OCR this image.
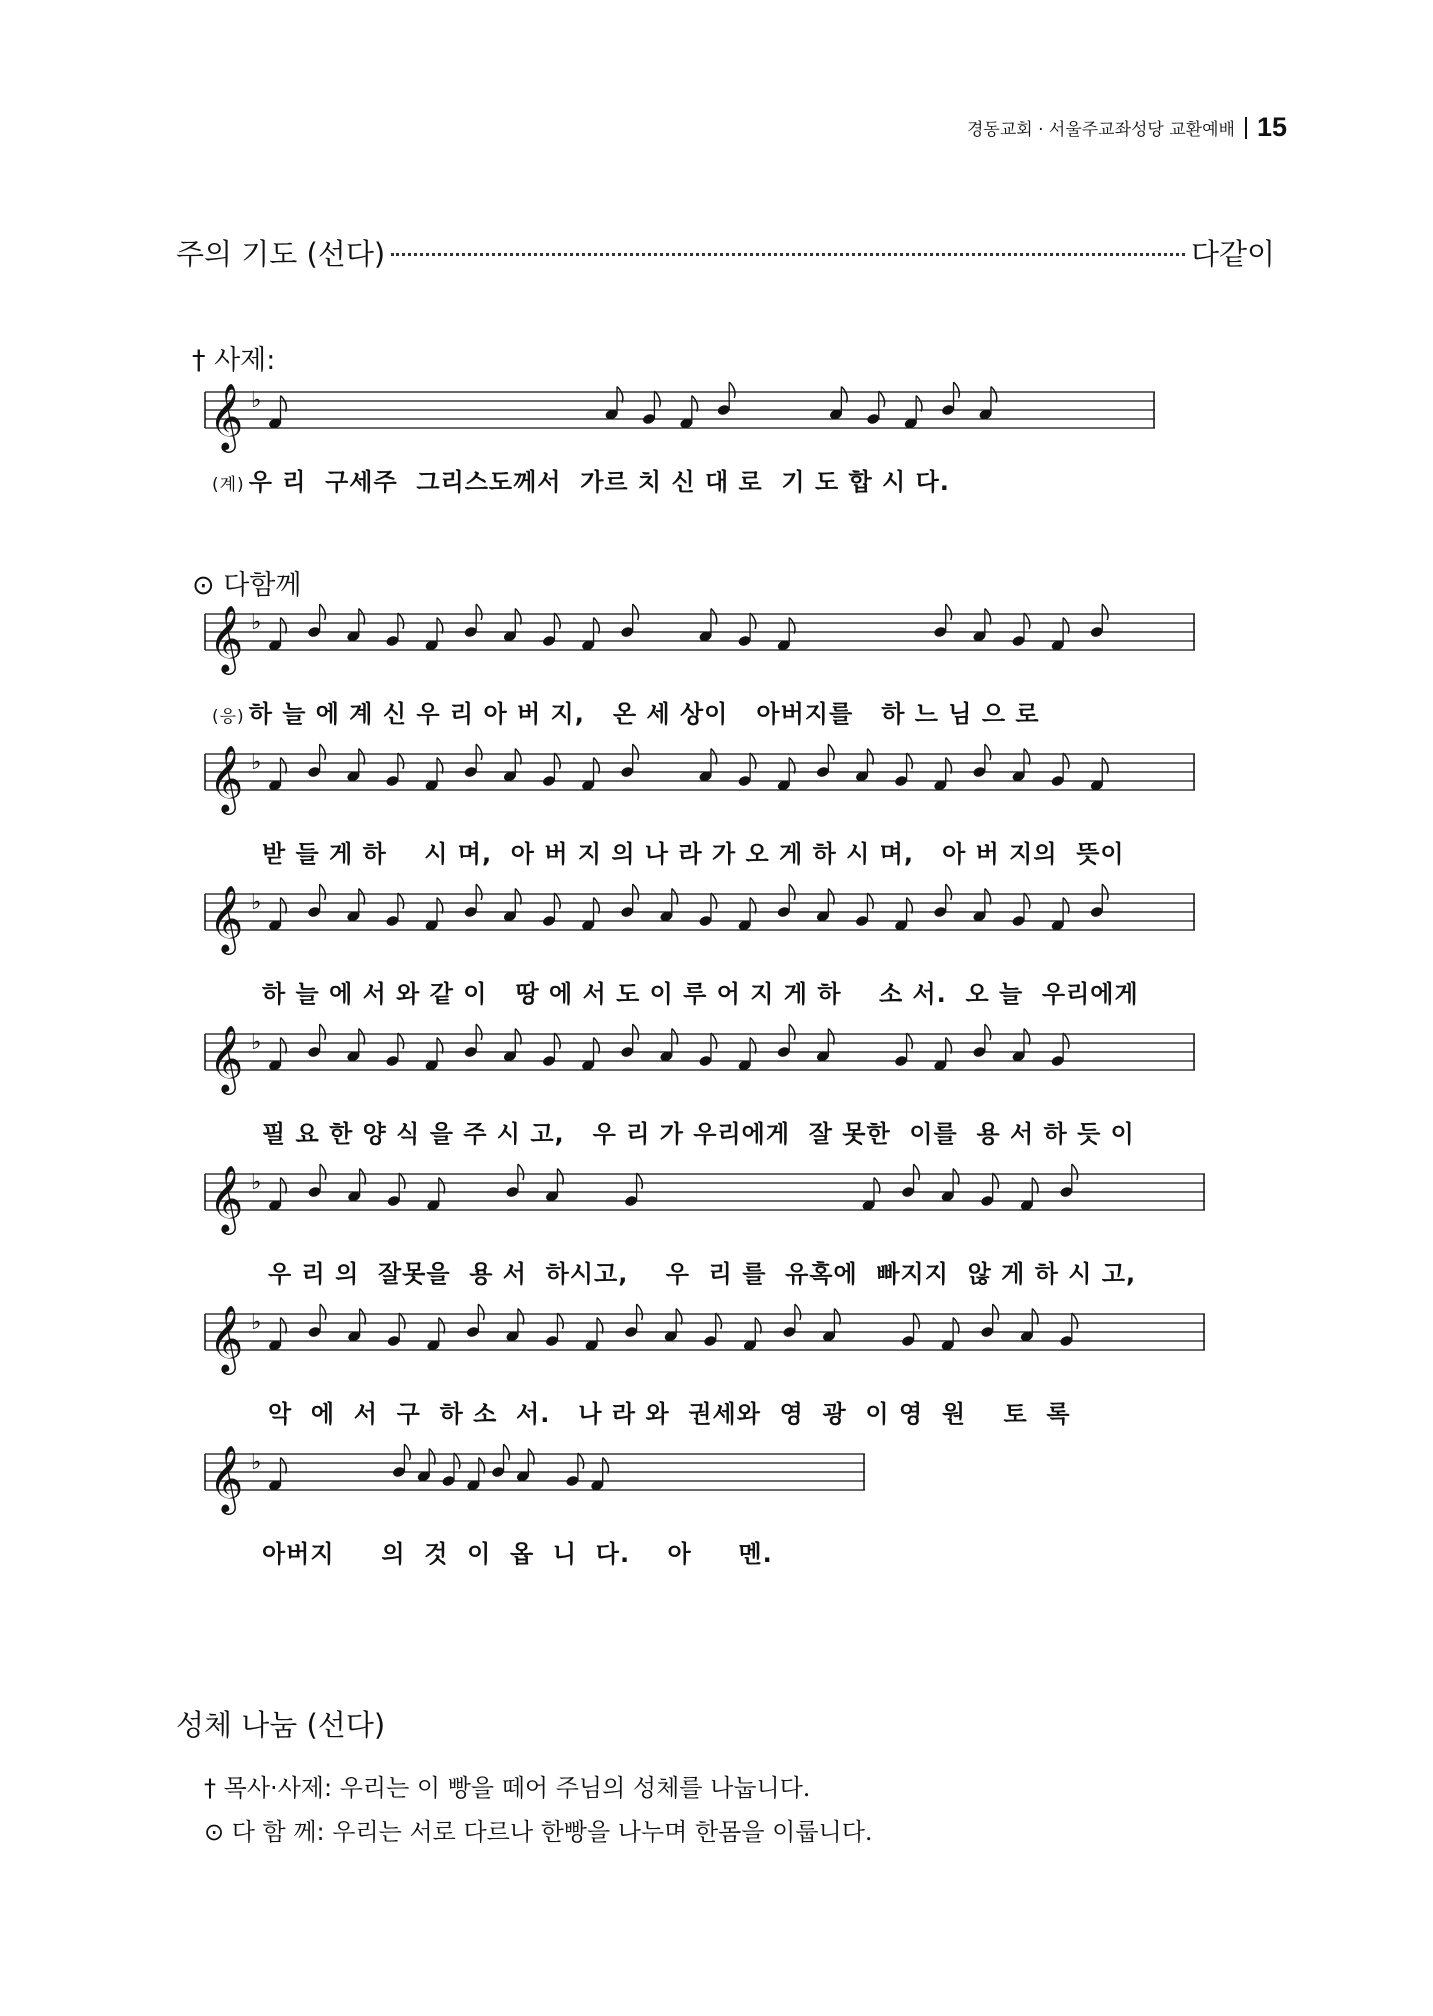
경동교회 · 서울주교좌성당 교환예배 15
주의 기도 (선다)	다같이
† 사제:
𝄞 ♭
(계) 우 리  구세주  그리스도께서  가르 치 신 대 로  기 도 합 시 다.
⊙ 다함께
𝄞 ♭
(응) 하 늘 에 계 신 우 리 아 버 지,   온 세 상이   아버지를   하 느 님 으 로
𝄞 ♭
받 들 게 하    시 며,  아 버 지 의 나 라 가 오 게 하 시 며,   아 버 지의  뜻이
𝄞 ♭
하 늘 에 서 와 같 이   땅 에 서 도 이 루 어 지 게 하    소 서.  오 늘  우리에게
𝄞 ♭
필 요 한 양 식 을 주 시 고,   우 리 가 우리에게  잘 못한  이를  용 서 하 듯 이
𝄞 ♭
우 리 의  잘못을  용 서  하시고,    우  리 를  유혹에  빠지지  않 게 하 시 고,
𝄞 ♭
악  에  서  구  하 소  서.   나 라 와  권세와  영  광  이 영  원    토  록
𝄞 ♭
아버지     의  것  이  옵  니  다.    아     멘.
성체 나눔 (선다)
† 목사·사제: 우리는 이 빵을 떼어 주님의 성체를 나눕니다.
⊙ 다 함 께: 우리는 서로 다르나 한빵을 나누며 한몸을 이룹니다.
